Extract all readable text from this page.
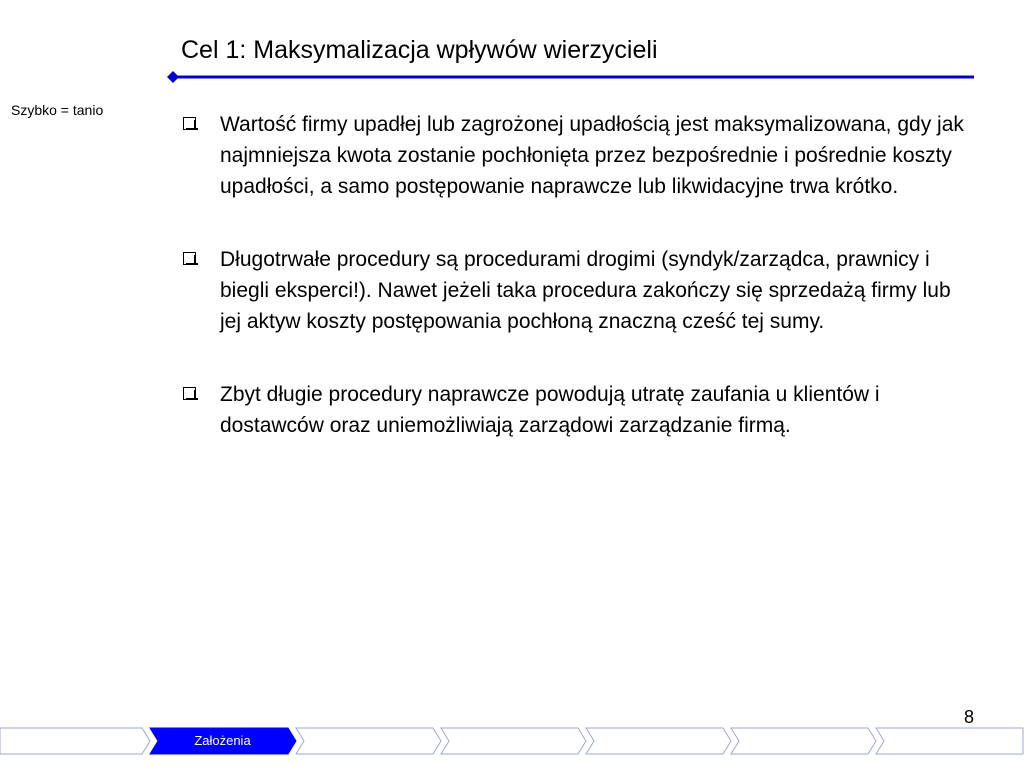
Cel 1: Maksymalizacja wpływów wierzycieli
Szybko = tanio
Wartość firmy upadłej lub zagrożonej upadłością jest maksymalizowana, gdy jak najmniejsza kwota zostanie pochłonięta przez bezpośrednie i pośrednie koszty upadłości, a samo postępowanie naprawcze lub likwidacyjne trwa krótko.
Długotrwałe procedury są procedurami drogimi (syndyk/zarządca, prawnicy i biegli eksperci!). Nawet jeżeli taka procedura zakończy się sprzedażą firmy lub jej aktyw koszty postępowania pochłoną znaczną cześć tej sumy.
Zbyt długie procedury naprawcze powodują utratę zaufania u klientów i dostawców oraz uniemożliwiają zarządowi zarządzanie firmą.
8
Założenia
